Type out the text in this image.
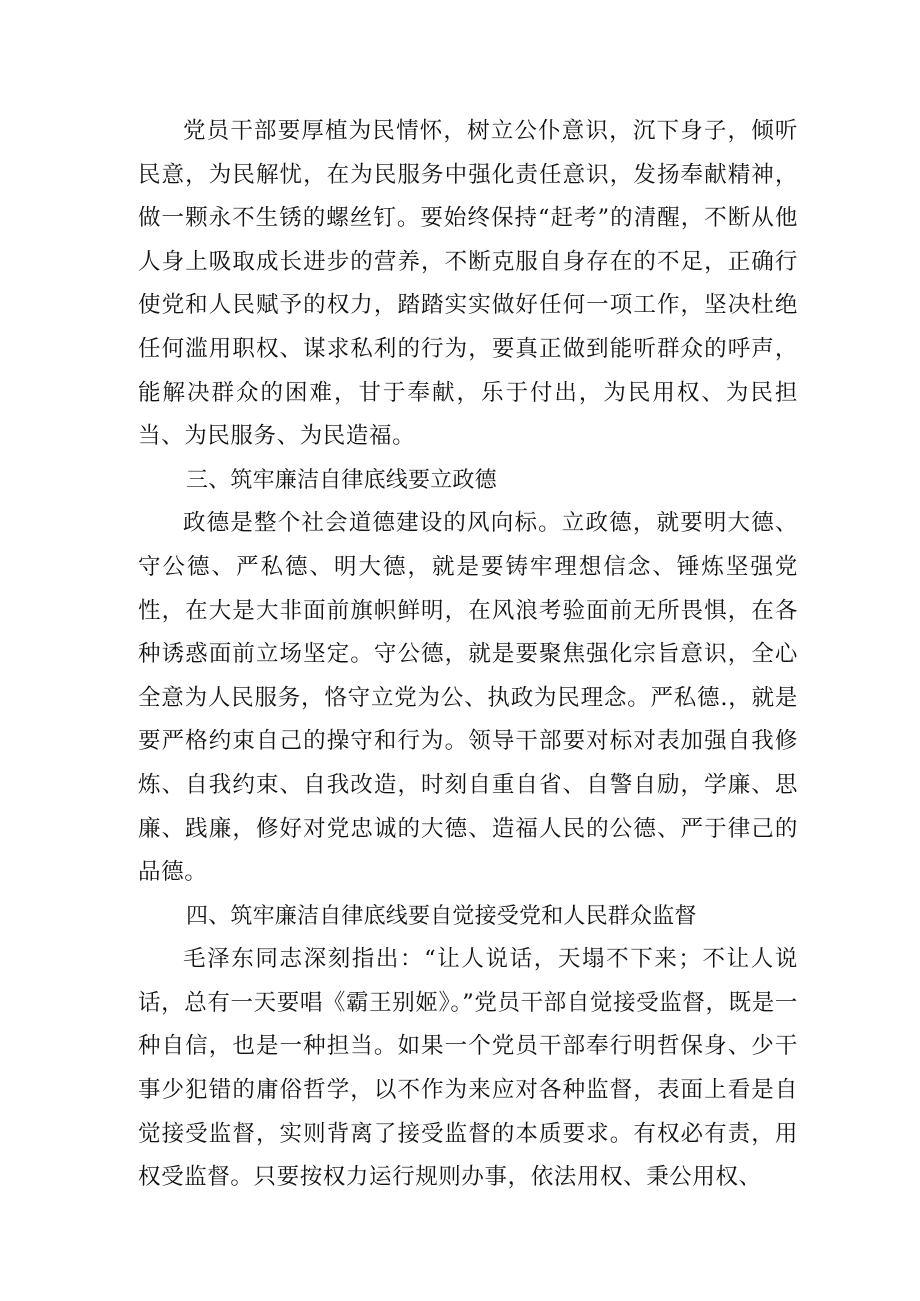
党员干部要厚植为民情怀，树立公仆意识，沉下身子，倾听民意，为民解忧，在为民服务中强化责任意识，发扬奉献精神，做一颗永不生锈的螺丝钉。要始终保持“赶考”的清醒，不断从他人身上吸取成长进步的营养，不断克服自身存在的不足，正确行使党和人民赋予的权力，踏踏实实做好任何一项工作，坚决杜绝任何滥用职权、谋求私利的行为，要真正做到能听群众的呼声，能解决群众的困难，甘于奉献，乐于付出，为民用权、为民担当、为民服务、为民造福。

三、筑牢廉洁自律底线要立政德

政德是整个社会道德建设的风向标。立政德，就要明大德、守公德、严私德、明大德，就是要铸牢理想信念、锤炼坚强党性，在大是大非面前旗帜鲜明，在风浪考验面前无所畏惧，在各种诱惑面前立场坚定。守公德，就是要聚焦强化宗旨意识，全心全意为人民服务，恪守立党为公、执政为民理念。严私德.，就是要严格约束自己的操守和行为。领导干部要对标对表加强自我修炼、自我约束、自我改造，时刻自重自省、自警自励，学廉、思廉、践廉，修好对党忠诚的大德、造福人民的公德、严于律己的品德。

四、筑牢廉洁自律底线要自觉接受党和人民群众监督

毛泽东同志深刻指出：“让人说话，天塌不下来；不让人说话，总有一天要唱《霸王别姬》。”党员干部自觉接受监督，既是一种自信，也是一种担当。如果一个党员干部奉行明哲保身、少干事少犯错的庸俗哲学，以不作为来应对各种监督，表面上看是自觉接受监督，实则背离了接受监督的本质要求。有权必有责，用权受监督。只要按权力运行规则办事，依法用权、秉公用权、
